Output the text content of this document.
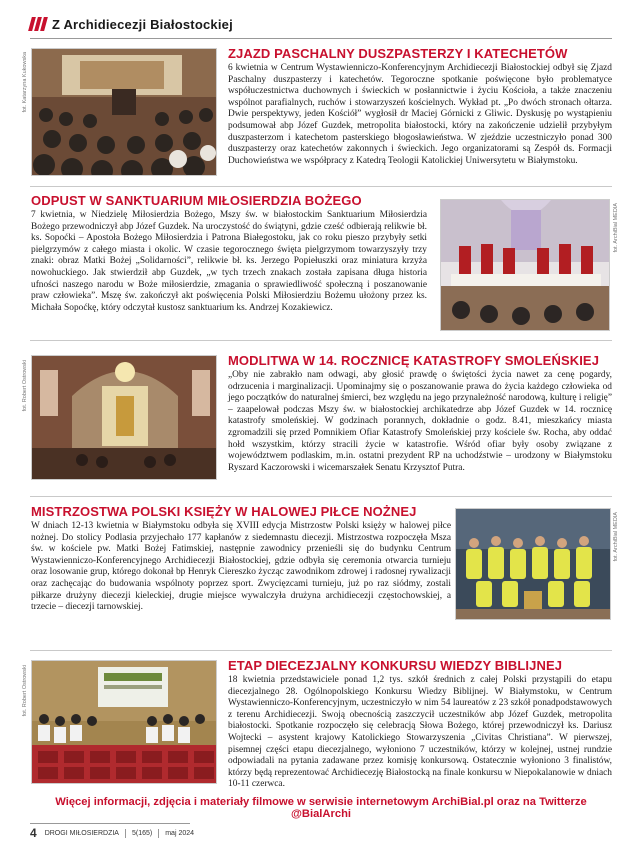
Z Archidiecezji Białostockiej
fot. Katarzyna Kukowska	ZJAZD PASCHALNY DUSZPASTERZY I KATECHETÓW
6 kwietnia w Centrum Wystawienniczo-Konferencyjnym Archidiecezji Białostockiej odbył się Zjazd Paschalny duszpasterzy i katechetów. Tegoroczne spotkanie poświęcone było problematyce współuczestnictwa duchownych i świeckich w posłannictwie i życiu Kościoła, a także znaczeniu wspólnot parafialnych, ruchów i stowarzyszeń kościelnych. Wykład pt. „Po dwóch stronach ołtarza. Dwie perspektywy, jeden Kościół” wygłosił dr Maciej Górnicki z Gliwic. Dyskusję po wystąpieniu podsumował abp Józef Guzdek, metropolita białostocki, który na zakończenie udzielił przybyłym duszpasterzom i katechetom pasterskiego błogosławieństwa. W zjeździe uczestniczyło ponad 300 duszpasterzy oraz katechetów zakonnych i świeckich. Jego organizatorami są Zespół ds. Formacji Duchowieństwa we współpracy z Katedrą Teologii Katolickiej Uniwersytetu w Białymstoku.
ODPUST W SANKTUARIUM MIŁOSIERDZIA BOŻEGO
7 kwietnia, w Niedzielę Miłosierdzia Bożego, Mszy św. w białostockim Sanktuarium Miłosierdzia Bożego przewodniczył abp Józef Guzdek. Na uroczystość do świątyni, gdzie cześć odbierają relikwie bł. ks. Sopoćki – Apostoła Bożego Miłosierdzia i Patrona Białegostoku, jak co roku pieszo przybyły setki pielgrzymów z całego miasta i okolic. W czasie tegorocznego święta pielgrzymom towarzyszyły trzy znaki: obraz Matki Bożej „Solidarności”, relikwie bł. ks. Jerzego Popiełuszki oraz miniatura krzyża nowohuckiego. Jak stwierdził abp Guzdek, „w tych trzech znakach została zapisana długa historia ufności naszego narodu w Boże miłosierdzie, zmagania o sprawiedliwość społeczną i poszanowanie praw człowieka”. Mszę św. zakończył akt poświęcenia Polski Miłosierdziu Bożemu ułożony przez ks. Michała Sopoćkę, który odczytał kustosz sanktuarium ks. Andrzej Kozakiewicz.
fot. ArchiBial MEDIA
fot. Robert Ostrowski	MODLITWA W 14. ROCZNICĘ KATASTROFY SMOLEŃSKIEJ
„Oby nie zabrakło nam odwagi, aby głosić prawdę o świętości życia nawet za cenę pogardy, odrzucenia i marginalizacji. Upominajmy się o poszanowanie prawa do życia każdego człowieka od jego początków do naturalnej śmierci, bez względu na jego przynależność narodową, kulturę i religię” – zaapelował podczas Mszy św. w białostockiej archikatedrze abp Józef Guzdek w 14. rocznicę katastrofy smoleńskiej. W godzinach porannych, dokładnie o godz. 8.41, mieszkańcy miasta zgromadzili się przed Pomnikiem Ofiar Katastrofy Smoleńskiej przy kościele św. Rocha, aby oddać hołd wszystkim, którzy stracili życie w katastrofie. Wśród ofiar były osoby związane z województwem podlaskim, m.in. ostatni prezydent RP na uchodźstwie – urodzony w Białymstoku Ryszard Kaczorowski i wicemarszałek Senatu Krzysztof Putra.
MISTRZOSTWA POLSKI KSIĘŻY W HALOWEJ PIŁCE NOŻNEJ
W dniach 12-13 kwietnia w Białymstoku odbyła się XVIII edycja Mistrzostw Polski księży w halowej piłce nożnej. Do stolicy Podlasia przyjechało 177 kapłanów z siedemnastu diecezji. Mistrzostwa rozpoczęła Msza św. w kościele pw. Matki Bożej Fatimskiej, następnie zawodnicy przenieśli się do budynku Centrum Wystawienniczo-Konferencyjnego Archidiecezji Białostockiej, gdzie odbyła się ceremonia otwarcia turnieju oraz losowanie grup, którego dokonał bp Henryk Ciereszko życząc zawodnikom zdrowej i radosnej rywalizacji oraz zachęcając do budowania wspólnoty poprzez sport. Zwycięzcami turnieju, już po raz siódmy, zostali piłkarze drużyny diecezji kieleckiej, drugie miejsce wywalczyła drużyna archidiecezji częstochowskiej, a trzecie – diecezji tarnowskiej.
fot. ArchiBial MEDIA
fot. Robert Ostrowski	ETAP DIECEZJALNY KONKURSU WIEDZY BIBLIJNEJ
18 kwietnia przedstawiciele ponad 1,2 tys. szkół średnich z całej Polski przystąpili do etapu diecezjalnego 28. Ogólnopolskiego Konkursu Wiedzy Biblijnej. W Białymstoku, w Centrum Wystawienniczo-Konferencyjnym, uczestniczyło w nim 54 laureatów z 23 szkół ponadpodstawowych z terenu Archidiecezji. Swoją obecnością zaszczycił uczestników abp Józef Guzdek, metropolita białostocki. Spotkanie rozpoczęło się celebracją Słowa Bożego, której przewodniczył ks. Dariusz Wojtecki – asystent krajowy Katolickiego Stowarzyszenia „Civitas Christiana”. W pierwszej, pisemnej części etapu diecezjalnego, wyłoniono 7 uczestników, którzy w kolejnej, ustnej rundzie odpowiadali na pytania zadawane przez komisję konkursową. Ostatecznie wyłoniono 3 finalistów, którzy będą reprezentować Archidiecezję Białostocką na finale konkursu w Niepokalanowie w dniach 10-11 czerwca.
Więcej informacji, zdjęcia i materiały filmowe w serwisie internetowym ArchiBial.pl oraz na Twitterze @BialArchi
4 DROGI MIŁOSIERDZIA 5(165) maj 2024
